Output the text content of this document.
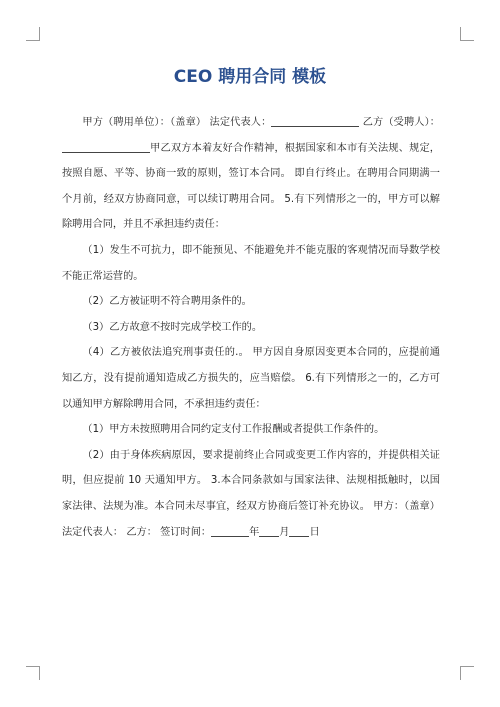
CEO 聘用合同 模板

甲方（聘用单位）：（盖章） 法定代表人：	乙方（受聘人）：甲乙双方本着友好合作精神，根据国家和本市有关法规、规定，按照自愿、平等、协商一致的原则，签订本合同。 即自行终止。在聘用合同期满一个月前，经双方协商同意，可以续订聘用合同。 5.有下列情形之一的，甲方可以解除聘用合同，并且不承担违约责任：

（1）发生不可抗力，即不能预见、不能避免并不能克服的客观情况而导数学校不能正常运营的。

（2）乙方被证明不符合聘用条件的。

（3）乙方故意不按时完成学校工作的。

（4）乙方被依法追究刑事责任的.。 甲方因自身原因变更本合同的，应提前通知乙方，没有提前通知造成乙方损失的，应当赔偿。 6.有下列情形之一的，乙方可以通知甲方解除聘用合同，不承担违约责任：

（1）甲方未按照聘用合同约定支付工作报酬或者提供工作条件的。

（2）由于身体疾病原因，要求提前终止合同或变更工作内容的，并提供相关证明，但应提前 10 天通知甲方。 3.本合同条款如与国家法律、法规相抵触时，以国家法律、法规为准。本合同未尽事宜，经双方协商后签订补充协议。 甲方：（盖章） 法定代表人： 乙方： 签订时间：	年 月 日
